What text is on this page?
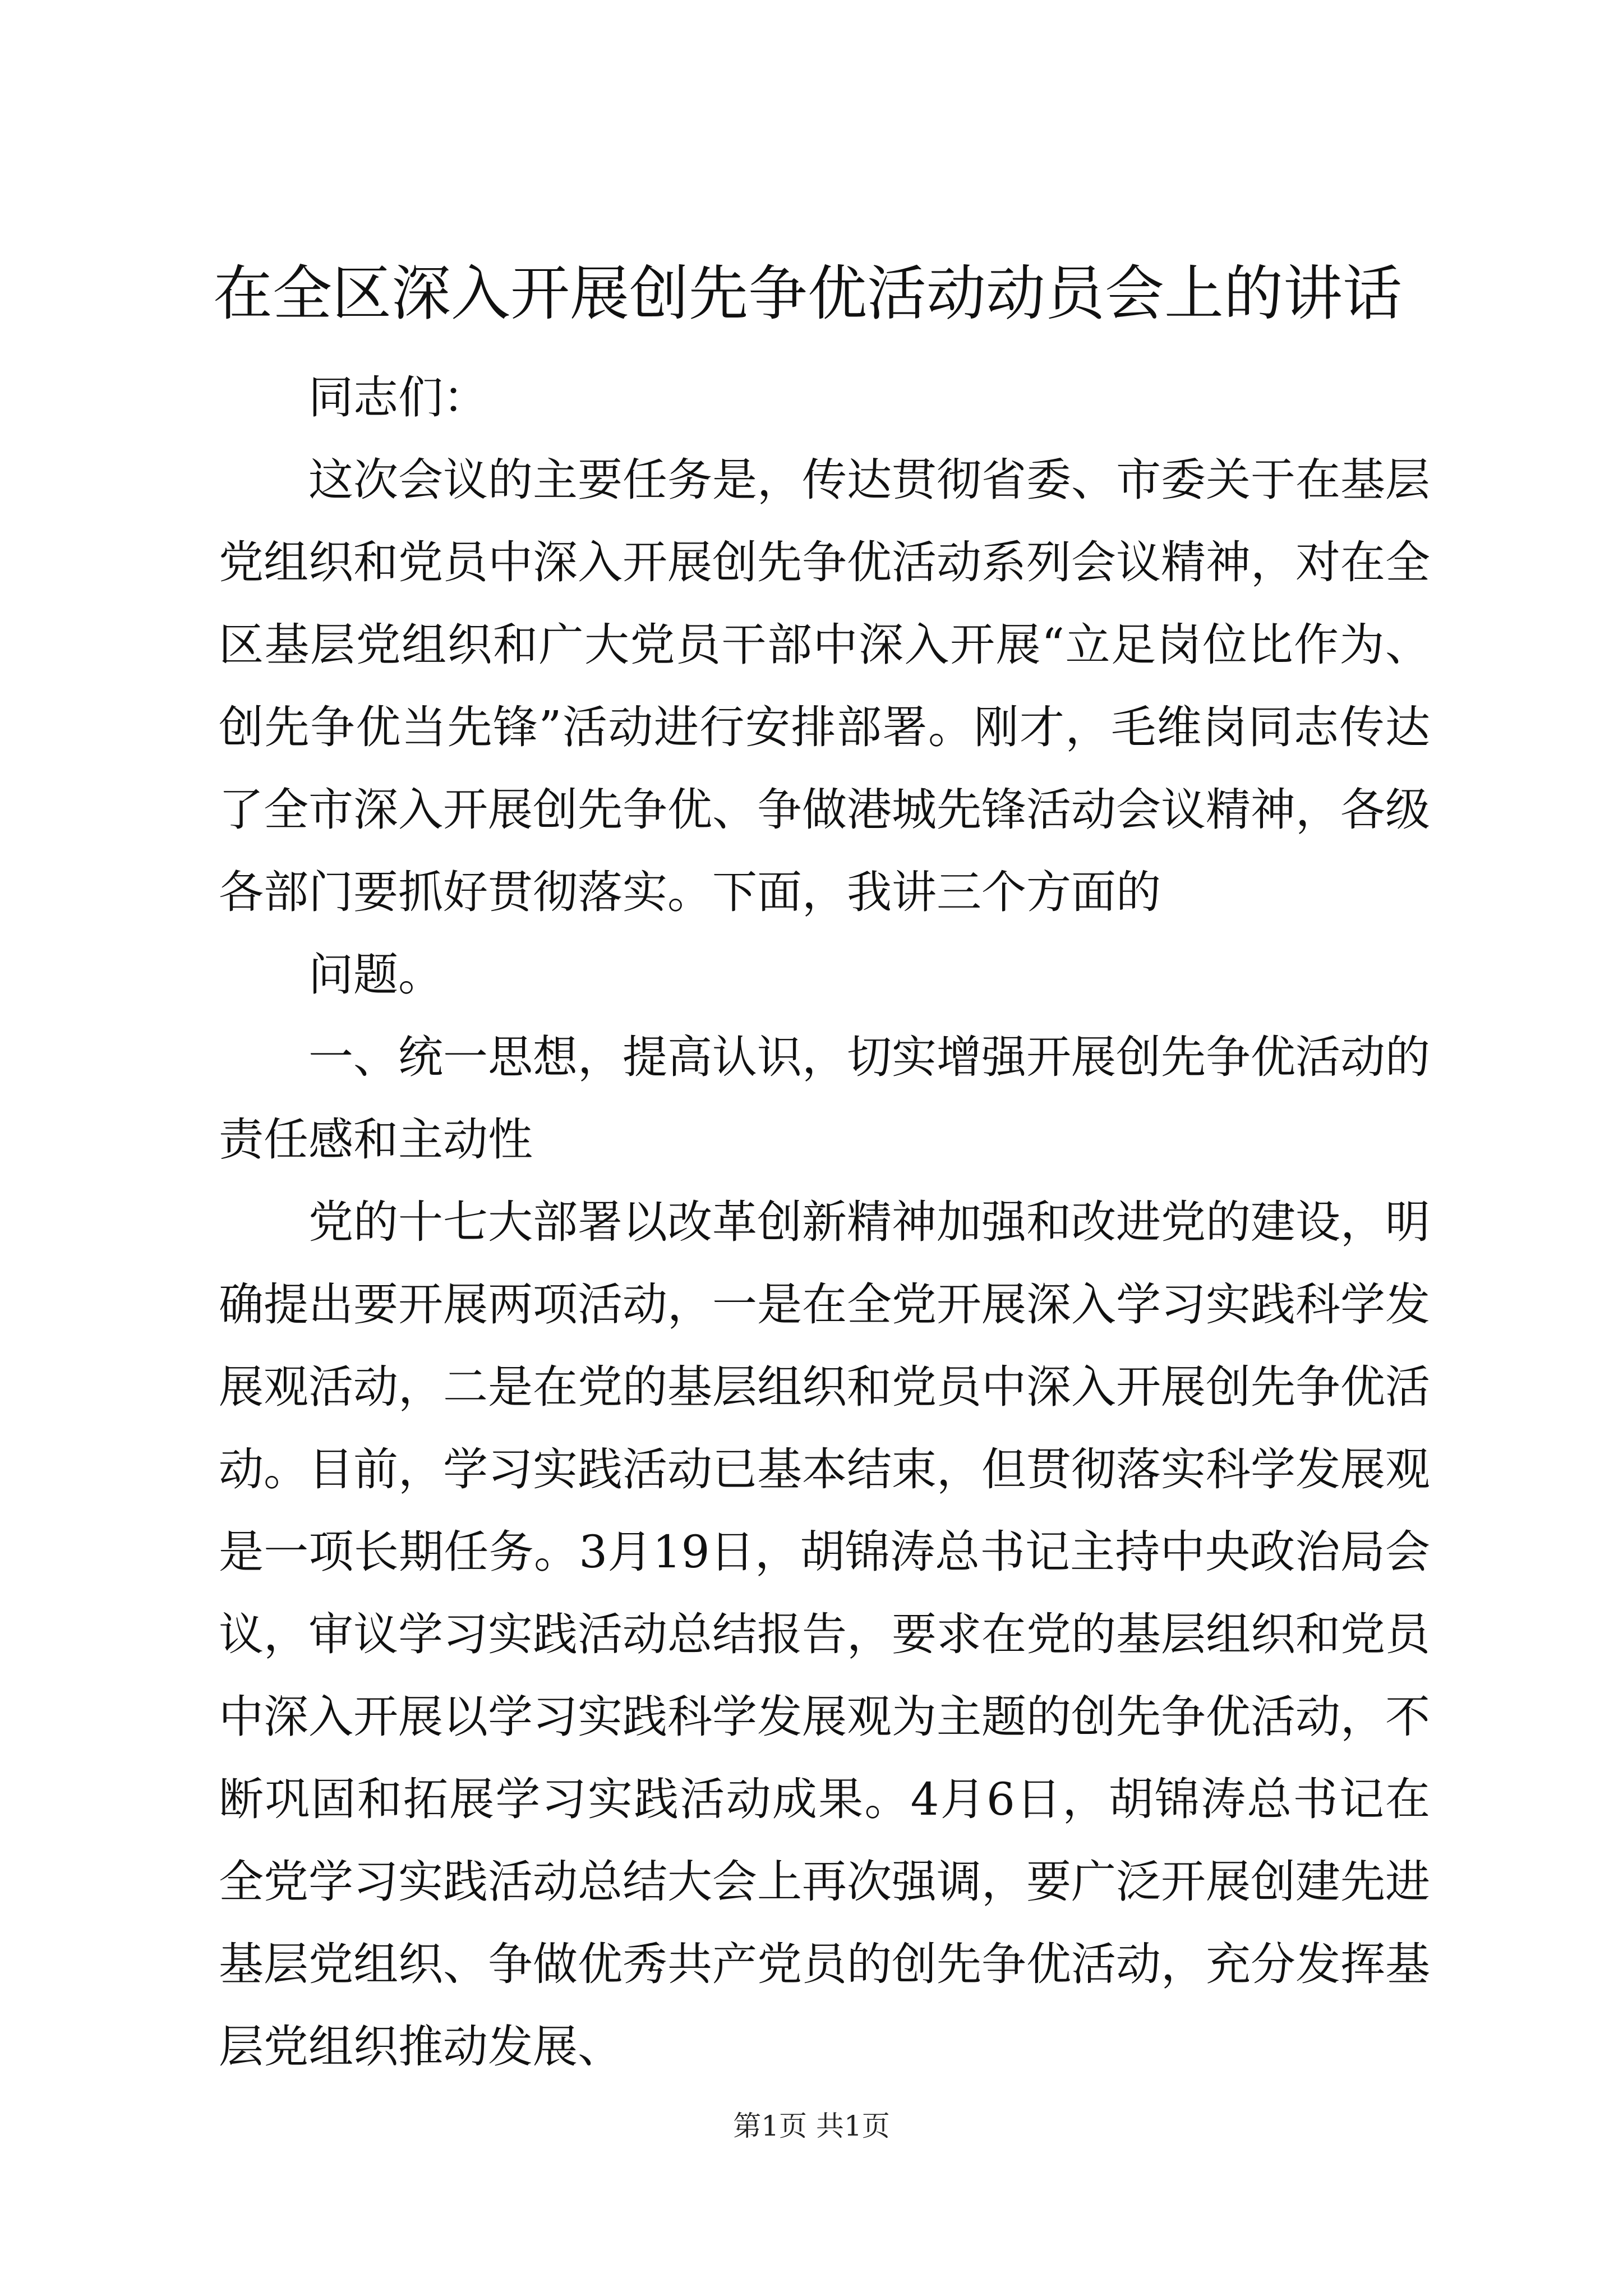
在全区深入开展创先争优活动动员会上的讲话

同志们：

这次会议的主要任务是，传达贯彻省委、市委关于在基层党组织和党员中深入开展创先争优活动系列会议精神，对在全区基层党组织和广大党员干部中深入开展“立足岗位比作为、创先争优当先锋”活动进行安排部署。刚才，毛维岗同志传达了全市深入开展创先争优、争做港城先锋活动会议精神，各级各部门要抓好贯彻落实。下面，我讲三个方面的

问题。

一、统一思想，提高认识，切实增强开展创先争优活动的责任感和主动性

党的十七大部署以改革创新精神加强和改进党的建设，明确提出要开展两项活动，一是在全党开展深入学习实践科学发展观活动，二是在党的基层组织和党员中深入开展创先争优活动。目前，学习实践活动已基本结束，但贯彻落实科学发展观是一项长期任务。3月19日，胡锦涛总书记主持中央政治局会议，审议学习实践活动总结报告，要求在党的基层组织和党员中深入开展以学习实践科学发展观为主题的创先争优活动，不断巩固和拓展学习实践活动成果。4月6日，胡锦涛总书记在全党学习实践活动总结大会上再次强调，要广泛开展创建先进基层党组织、争做优秀共产党员的创先争优活动，充分发挥基层党组织推动发展、

第1页 共1页
